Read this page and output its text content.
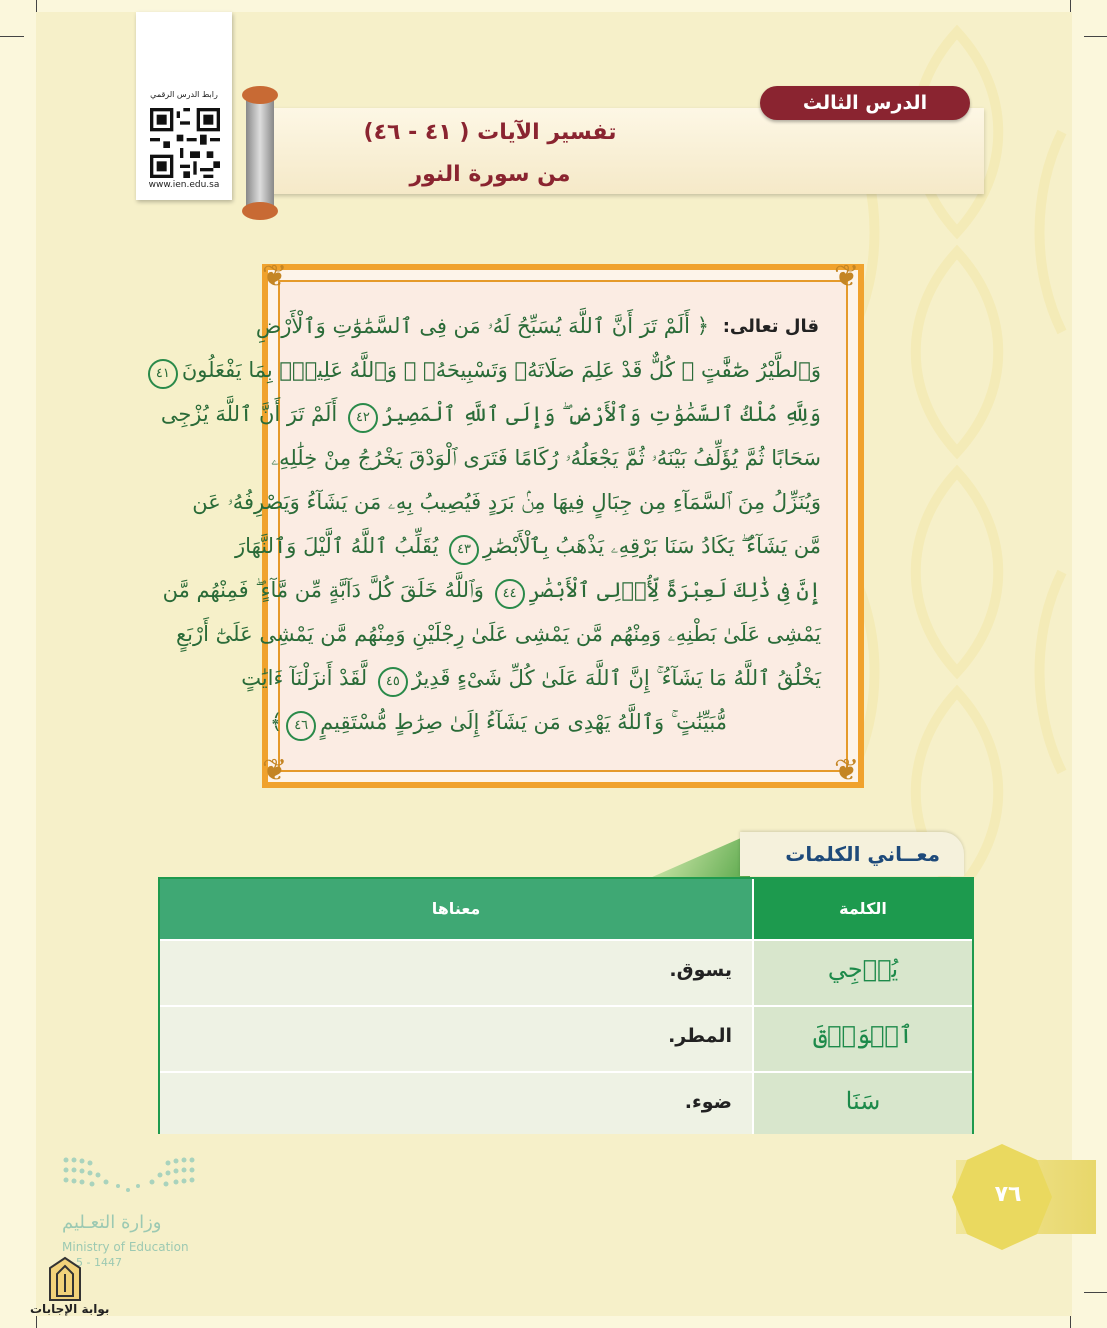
رابط الدرس الرقمي
www.ien.edu.sa
تفسير الآيات ( ٤١ - ٤٦)
من سورة النور
الدرس الثالث
❦	❦
❦	❦
قال تعالى:
﴿ أَلَمْ تَرَ أَنَّ ٱللَّهَ يُسَبِّحُ لَهُۥ مَن فِى ٱلسَّمَٰوَٰتِ وَٱلْأَرْضِ
وَٱلطَّيْرُ صَٰٓفَّٰتٍ ۖ كُلٌّ قَدْ عَلِمَ صَلَاتَهُۥ وَتَسْبِيحَهُۥ ۗ وَٱللَّهُ عَلِيمٌۢ بِمَا يَفْعَلُونَ٤١
وَلِلَّهِ مُلْكُ ٱلسَّمَٰوَٰتِ وَٱلْأَرْضِ ۖ وَإِلَى ٱللَّهِ ٱلْمَصِيرُ٤٢ أَلَمْ تَرَ أَنَّ ٱللَّهَ يُزْجِى
سَحَابًا ثُمَّ يُؤَلِّفُ بَيْنَهُۥ ثُمَّ يَجْعَلُهُۥ رُكَامًا فَتَرَى ٱلْوَدْقَ يَخْرُجُ مِنْ خِلَٰلِهِۦ
وَيُنَزِّلُ مِنَ ٱلسَّمَآءِ مِن جِبَالٍ فِيهَا مِنۢ بَرَدٍ فَيُصِيبُ بِهِۦ مَن يَشَآءُ وَيَصْرِفُهُۥ عَن
مَّن يَشَآءُ ۖ يَكَادُ سَنَا بَرْقِهِۦ يَذْهَبُ بِٱلْأَبْصَٰرِ٤٣ يُقَلِّبُ ٱللَّهُ ٱلَّيْلَ وَٱلنَّهَارَ
إِنَّ فِى ذَٰلِكَ لَعِبْرَةً لِّأُو۟لِى ٱلْأَبْصَٰرِ٤٤ وَٱللَّهُ خَلَقَ كُلَّ دَآبَّةٍ مِّن مَّآءٍ ۖ فَمِنْهُم مَّن
يَمْشِى عَلَىٰ بَطْنِهِۦ وَمِنْهُم مَّن يَمْشِى عَلَىٰ رِجْلَيْنِ وَمِنْهُم مَّن يَمْشِى عَلَىٰٓ أَرْبَعٍ
يَخْلُقُ ٱللَّهُ مَا يَشَآءُ ۚ إِنَّ ٱللَّهَ عَلَىٰ كُلِّ شَىْءٍ قَدِيرٌ٤٥ لَّقَدْ أَنزَلْنَآ ءَايَٰتٍ
مُّبَيِّنَٰتٍ ۚ وَٱللَّهُ يَهْدِى مَن يَشَآءُ إِلَىٰ صِرَٰطٍ مُّسْتَقِيمٍ٤٦﴾
معــاني الكلمات
معناها	الكلمة
يسوق.	يُزۡجِي
المطر.	ٱلۡوَدۡقَ
ضوء.	سَنَا
٧٦
وزارة التعـليم
Ministry of Education
5 - 1447
بوابة الإجابات
